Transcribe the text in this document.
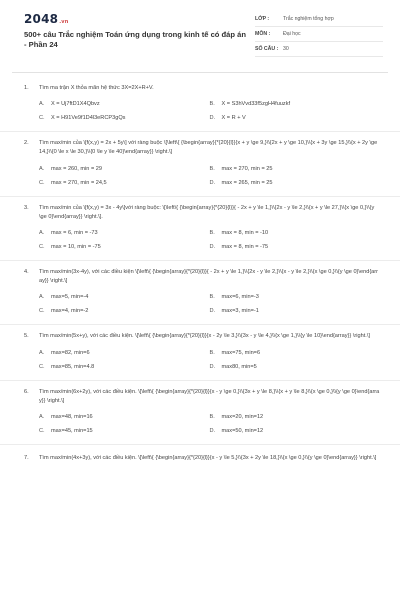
2048.vn
500+ câu Trắc nghiệm Toán ứng dụng trong kinh tế có đáp án - Phần 24
LỚP :	Trắc nghiệm tổng hợp
MÔN :	Đại học
SỐ CÂU : 30
1.	Tìm ma trận X thỏa mãn hệ thức 3X=2X+R+V.
A.	X = Uj7ftD1X4Qbvz	B.	X = S3hVvd33f5zgH4fuuzkf
C.	X = H91Ve9f1D4l3eRCP3gQs	D.	X = R + V
2.	Tìm max/min của \[f(x,y) = 2x + 5y\] với ràng buộc \[\left\{ {\begin{array}{*{20}{l}}{x + y \ge 9,}\\{2x + y \ge 10,}\\{x + 3y \ge 15,}\\{x + 2y \ge 14,}\\{0 \le x \le 30,}\\{0 \le y \le 40}\end{array}} \right.\]
A.	max = 260, min = 29	B.	max = 270, min = 25
C.	max = 270, min = 24,5	D.	max = 265, min = 25
3.	Tìm max/min của \[f(x,y) = 3x - 4y\]với ràng buộc: \[\left\{ {\begin{array}{*{20}{l}}{ - 2x + y \le 1,}\\{2x - y \le 2,}\\{x + y \le 27,}\\{x \ge 0,}\\{y \ge 0}\end{array}} \right.\].
A.	max = 6, min = -73	B.	max = 8, min = -10
C.	max = 10, min = -75	D.	max = 8, min = -75
4.	Tìm max/min(3x-4y), với các điều kiện \[\left\{ {\begin{array}{*{20}{l}}{ - 2x + y \le 1,}\\{2x - y \le 2,}\\{x - y \le 2,}\\{x \ge 0,}\\{y \ge 0}\end{array}} \right.\]
A.	max=5, min=-4	B.	max=6, min=-3
C.	max=4, min=-2	D.	max=3, min=-1
5.	Tìm max/min(5x+y), với các điều kiện. \[\left\{ {\begin{array}{*{20}{l}}{x - 2y \le 3,}\\{3x - y \le 4,}\\{x \ge 1,}\\{y \le 10}\end{array}} \right.\]
A.	max=82, min=6	B.	max=75, min=6
C.	max=85, min=4.8	D.	max80, min=5
6.	Tìm max/min(6x+2y), với các điều kiện. \[\left\{ {\begin{array}{*{20}{l}}{x - y \ge 0,}\\{3x + y \le 8,}\\{x + y \le 8,}\\{x \ge 0,}\\{y \ge 0}\end{array}} \right.\]
A.	max=48, min=16	B.	max=20, min=12
C.	max=45, min=15	D.	max=50, min=12
7.	Tìm max/min(4x+3y), với các điều kiện. \[\left\{ {\begin{array}{*{20}{l}}{x - y \le 5,}\\{3x + 2y \le 18,}\\{x \ge 0,}\\{y \ge 0}\end{array}} \right.\]
